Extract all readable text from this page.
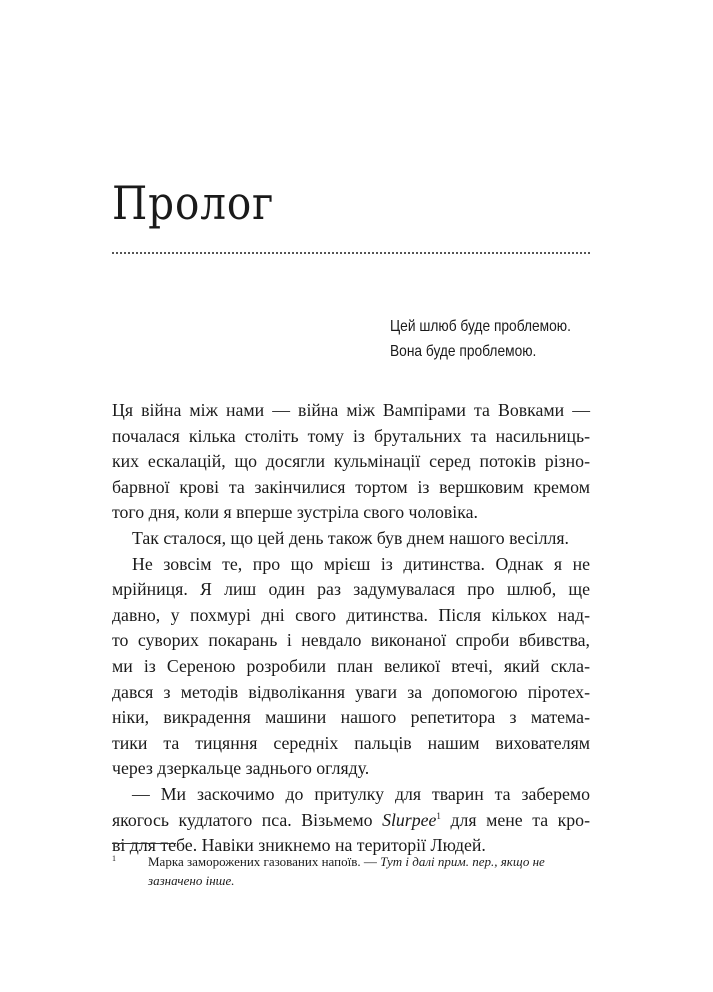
Пролог
Цей шлюб буде проблемою.
Вона буде проблемою.
Ця війна між нами — війна між Вампірами та Вовками —
почалася кілька століть тому із брутальних та насильниць-
ких ескалацій, що досягли кульмінації серед потоків різно-
барвної крові та закінчилися тортом із вершковим кремом
того дня, коли я вперше зустріла свого чоловіка.
Так сталося, що цей день також був днем нашого весілля.
Не зовсім те, про що мрієш із дитинства. Однак я не
мрійниця. Я лиш один раз задумувалася про шлюб, ще
давно, у похмурі дні свого дитинства. Після кількох над-
то суворих покарань і невдало виконаної спроби вбивства,
ми із Сереною розробили план великої втечі, який скла-
дався з методів відволікання уваги за допомогою піротех-
ніки, викрадення машини нашого репетитора з матема-
тики та тицяння середніх пальців нашим вихователям
через дзеркальце заднього огляду.
— Ми заскочимо до притулку для тварин та заберемо
якогось кудлатого пса. Візьмемо Slurpee$^1$ для мене та кро-
ві для тебе. Навіки зникнемо на території Людей.
1	Марка заморожених газованих напоїв. — Тут і далі прим. пер., якщо не
зазначено інше.
